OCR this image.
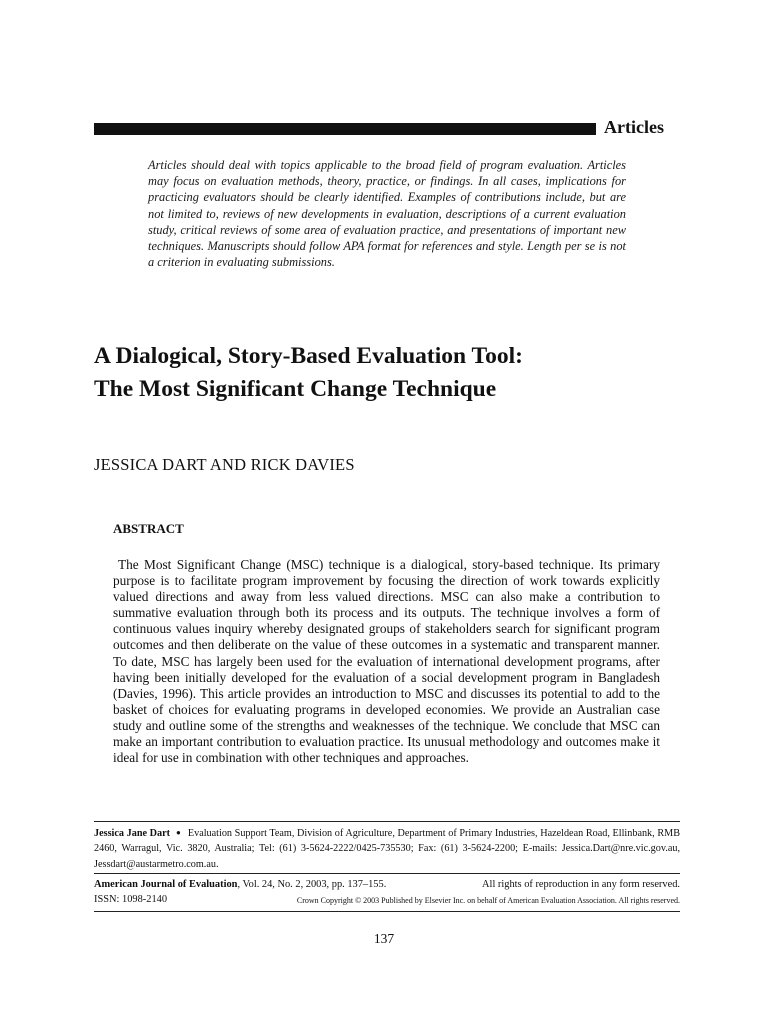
Articles
Articles should deal with topics applicable to the broad field of program evaluation. Articles may focus on evaluation methods, theory, practice, or findings. In all cases, implications for practicing evaluators should be clearly identified. Examples of contributions include, but are not limited to, reviews of new developments in evaluation, descriptions of a current evaluation study, critical reviews of some area of evaluation practice, and presentations of important new techniques. Manuscripts should follow APA format for references and style. Length per se is not a criterion in evaluating submissions.
A Dialogical, Story-Based Evaluation Tool:
The Most Significant Change Technique
JESSICA DART AND RICK DAVIES
ABSTRACT
The Most Significant Change (MSC) technique is a dialogical, story-based technique. Its primary purpose is to facilitate program improvement by focusing the direction of work towards explicitly valued directions and away from less valued directions. MSC can also make a contribution to summative evaluation through both its process and its outputs. The technique involves a form of continuous values inquiry whereby designated groups of stakeholders search for significant program outcomes and then deliberate on the value of these outcomes in a systematic and transparent manner. To date, MSC has largely been used for the evaluation of international development programs, after having been initially developed for the evaluation of a social development program in Bangladesh (Davies, 1996). This article provides an introduction to MSC and discusses its potential to add to the basket of choices for evaluating programs in developed economies. We provide an Australian case study and outline some of the strengths and weaknesses of the technique. We conclude that MSC can make an important contribution to evaluation practice. Its unusual methodology and outcomes make it ideal for use in combination with other techniques and approaches.
Jessica Jane Dart ● Evaluation Support Team, Division of Agriculture, Department of Primary Industries, Hazeldean Road, Ellinbank, RMB 2460, Warragul, Vic. 3820, Australia; Tel: (61) 3-5624-2222/0425-735530; Fax: (61) 3-5624-2200; E-mails: Jessica.Dart@nre.vic.gov.au, Jessdart@austarmetro.com.au.
American Journal of Evaluation, Vol. 24, No. 2, 2003, pp. 137–155.	All rights of reproduction in any form reserved.
ISSN: 1098-2140	Crown Copyright © 2003 Published by Elsevier Inc. on behalf of American Evaluation Association. All rights reserved.
137
